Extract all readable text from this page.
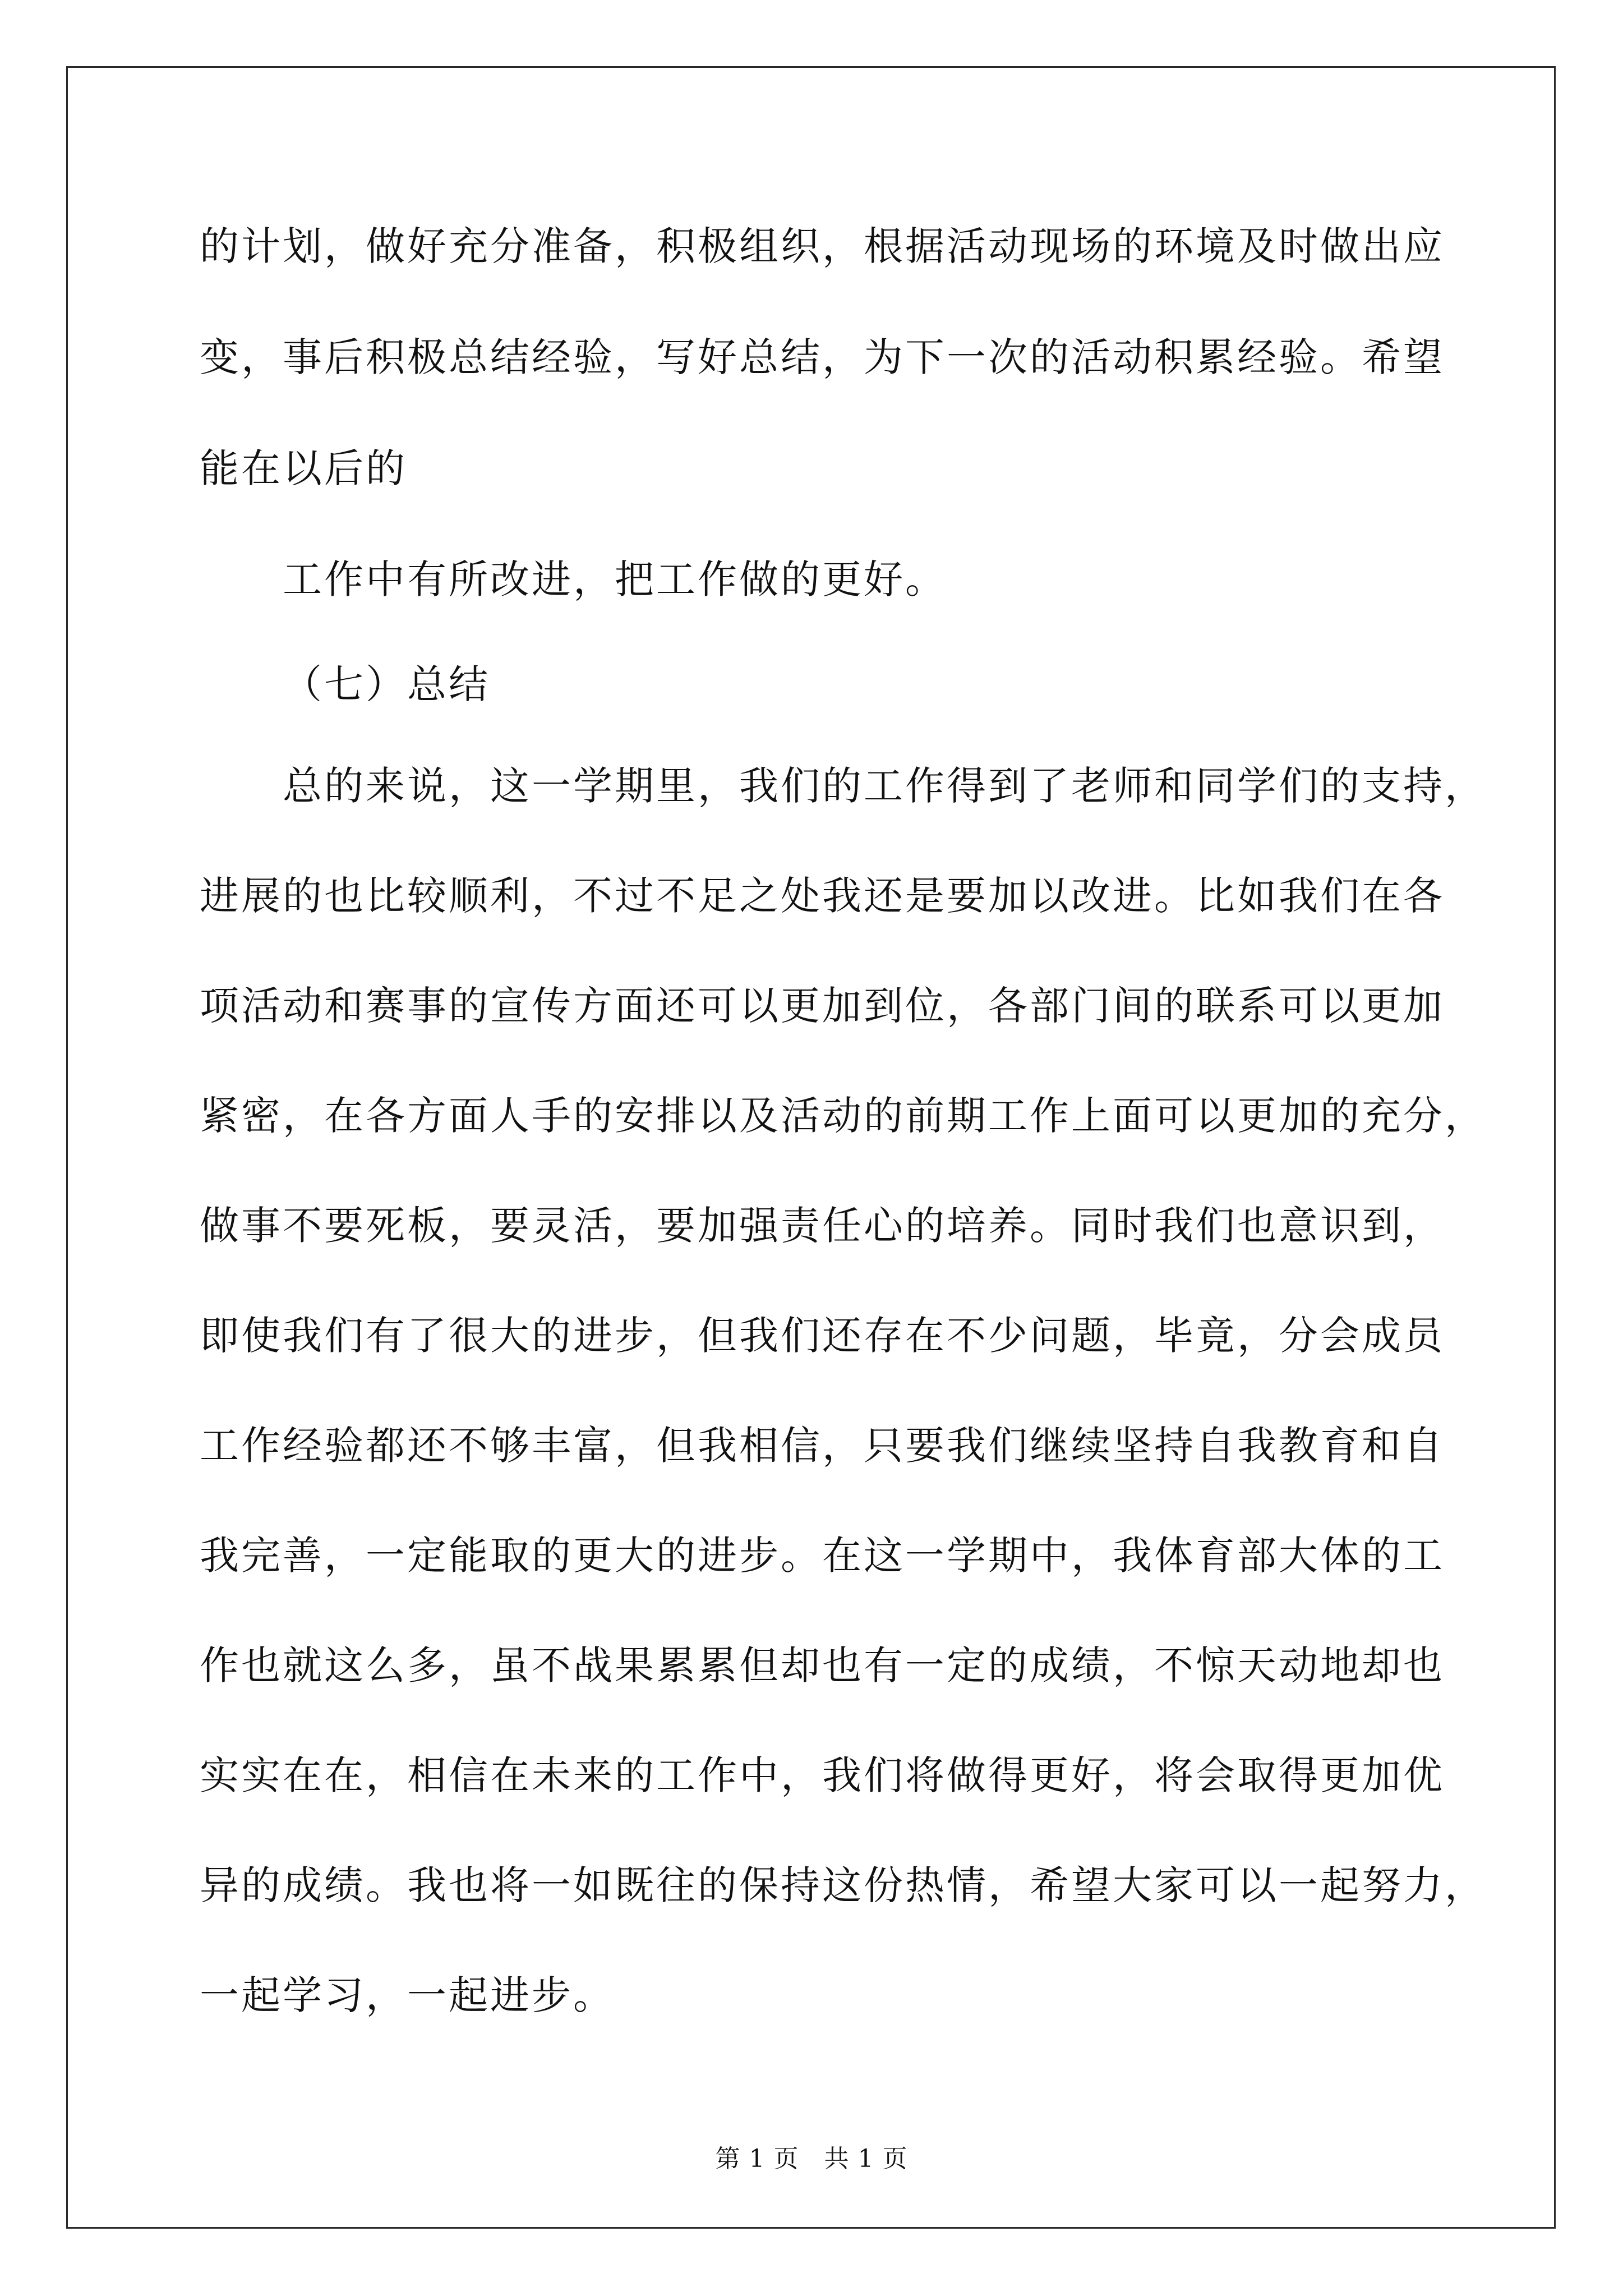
的计划，做好充分准备，积极组织，根据活动现场的环境及时做出应
变，事后积极总结经验，写好总结，为下一次的活动积累经验。希望
能在以后的
工作中有所改进，把工作做的更好。
（七）总结
总的来说，这一学期里，我们的工作得到了老师和同学们的支持，
进展的也比较顺利，不过不足之处我还是要加以改进。比如我们在各
项活动和赛事的宣传方面还可以更加到位，各部门间的联系可以更加
紧密，在各方面人手的安排以及活动的前期工作上面可以更加的充分，
做事不要死板，要灵活，要加强责任心的培养。同时我们也意识到，
即使我们有了很大的进步，但我们还存在不少问题，毕竟，分会成员
工作经验都还不够丰富，但我相信，只要我们继续坚持自我教育和自
我完善，一定能取的更大的进步。在这一学期中，我体育部大体的工
作也就这么多，虽不战果累累但却也有一定的成绩，不惊天动地却也
实实在在，相信在未来的工作中，我们将做得更好，将会取得更加优
异的成绩。我也将一如既往的保持这份热情，希望大家可以一起努力，
一起学习，一起进步。
第 1 页   共 1 页
